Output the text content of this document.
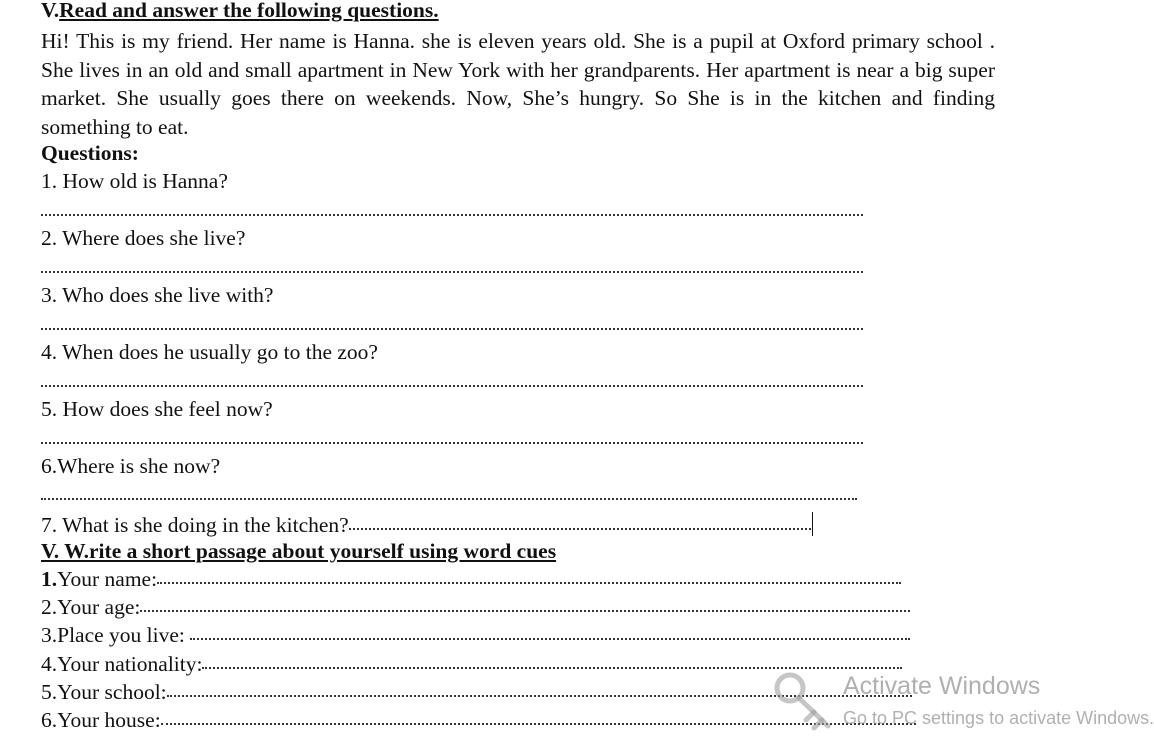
V.Read and answer the following questions.
Hi! This is my friend. Her name is Hanna. she is eleven years old. She is a pupil at Oxford primary school . She lives in an old and small apartment in New York with her grandparents. Her apartment is near a big super market. She usually goes there on weekends. Now, She’s hungry. So She is in the kitchen and finding something to eat.
Questions:
1. How old is Hanna?
2. Where does she live?
3. Who does she live with?
4. When does he usually go to the zoo?
5. How does she feel now?
6.Where is she now?
7. What is she doing in the kitchen?
V. W.rite a short passage about yourself using word cues
1.Your name:
2.Your age:
3.Place you live:
4.Your nationality:
5.Your school:
6.Your house:
Activate Windows
Go to PC settings to activate Windows.
